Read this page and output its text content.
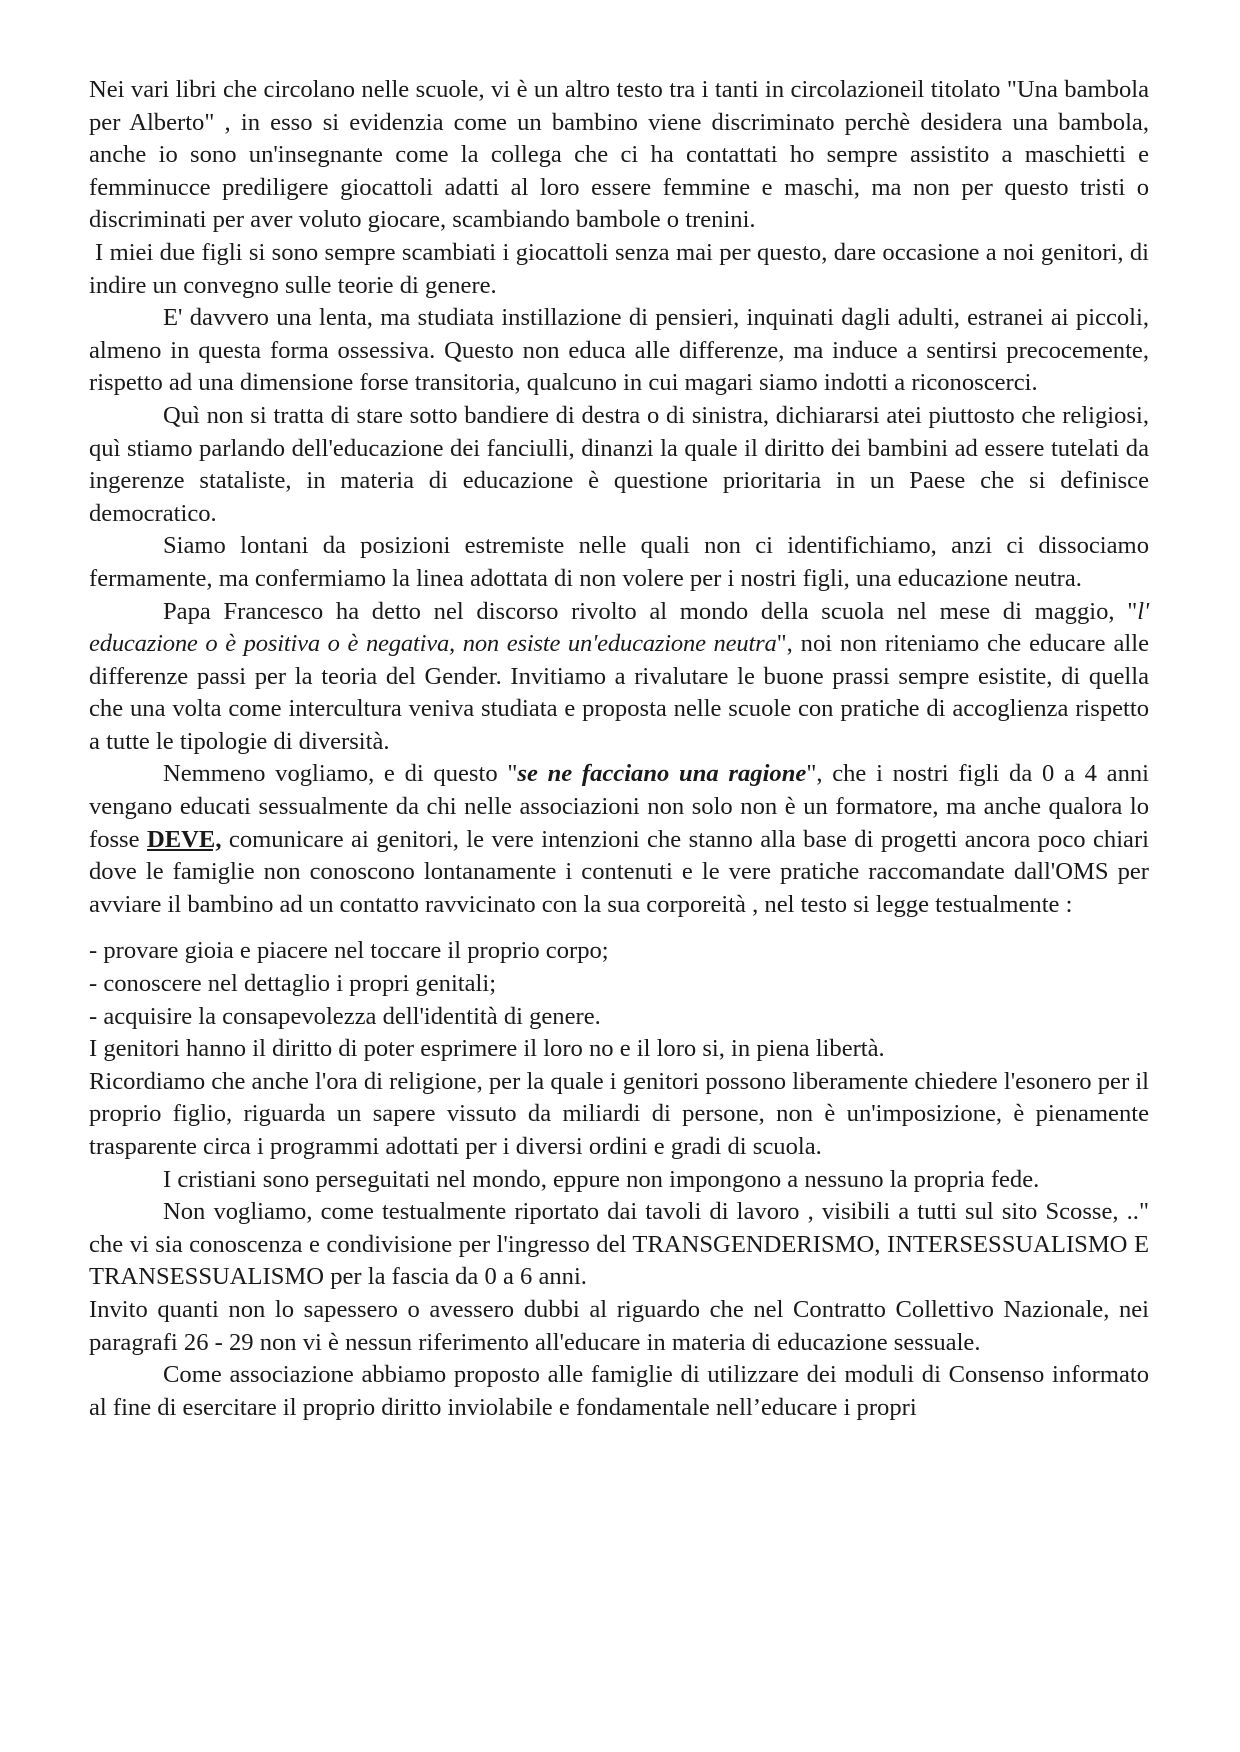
Nei vari libri che circolano nelle scuole, vi è un altro testo tra i tanti in circolazioneil titolato "Una bambola per Alberto" , in esso si evidenzia come un bambino viene discriminato perchè desidera una bambola, anche io sono un'insegnante come la collega che ci ha contattati ho sempre assistito a maschietti e femminucce prediligere giocattoli adatti al loro essere femmine e maschi, ma non per questo tristi o discriminati per aver voluto giocare, scambiando bambole o trenini.

I miei due figli si sono sempre scambiati i giocattoli senza mai per questo, dare occasione a noi genitori, di indire un convegno sulle teorie di genere.

E' davvero una lenta, ma studiata instillazione di pensieri, inquinati dagli adulti, estranei ai piccoli, almeno in questa forma ossessiva. Questo non educa alle differenze, ma induce a sentirsi precocemente, rispetto ad una dimensione forse transitoria, qualcuno in cui magari siamo indotti a riconoscerci.

Quì non si tratta di stare sotto bandiere di destra o di sinistra, dichiararsi atei piuttosto che religiosi, quì stiamo parlando dell'educazione dei fanciulli, dinanzi la quale il diritto dei bambini ad essere tutelati da ingerenze stataliste, in materia di educazione è questione prioritaria in un Paese che si definisce democratico.

Siamo lontani da posizioni estremiste nelle quali non ci identifichiamo, anzi ci dissociamo fermamente, ma confermiamo la linea adottata di non volere per i nostri figli, una educazione neutra.

Papa Francesco ha detto nel discorso rivolto al mondo della scuola nel mese di maggio, "l' educazione o è positiva o è negativa, non esiste un'educazione neutra", noi non riteniamo che educare alle differenze passi per la teoria del Gender. Invitiamo a rivalutare le buone prassi sempre esistite, di quella che una volta come intercultura veniva studiata e proposta nelle scuole con pratiche di accoglienza rispetto a tutte le tipologie di diversità.

Nemmeno vogliamo, e di questo "se ne facciano una ragione", che i nostri figli da 0 a 4 anni vengano educati sessualmente da chi nelle associazioni non solo non è un formatore, ma anche qualora lo fosse DEVE, comunicare ai genitori, le vere intenzioni che stanno alla base di progetti ancora poco chiari dove le famiglie non conoscono lontanamente i contenuti e le vere pratiche raccomandate dall'OMS per avviare il bambino ad un contatto ravvicinato con la sua corporeità , nel testo si legge testualmente :

- provare gioia e piacere nel toccare il proprio corpo;

- conoscere nel dettaglio i propri genitali;

- acquisire la consapevolezza dell'identità di genere.

I genitori hanno il diritto di poter esprimere il loro no e il loro si, in piena libertà.

Ricordiamo che anche l'ora di religione, per la quale i genitori possono liberamente chiedere l'esonero per il proprio figlio, riguarda un sapere vissuto da miliardi di persone, non è un'imposizione, è pienamente trasparente circa i programmi adottati per i diversi ordini e gradi di scuola.

I cristiani sono perseguitati nel mondo, eppure non impongono a nessuno la propria fede.

Non vogliamo, come testualmente riportato dai tavoli di lavoro , visibili a tutti sul sito Scosse, .." che vi sia conoscenza e condivisione per l'ingresso del TRANSGENDERISMO, INTERSESSUALISMO E TRANSESSUALISMO per la fascia da 0 a 6 anni.

Invito quanti non lo sapessero o avessero dubbi al riguardo che nel Contratto Collettivo Nazionale, nei paragrafi 26 - 29 non vi è nessun riferimento all'educare in materia di educazione sessuale.

Come associazione abbiamo proposto alle famiglie di utilizzare dei moduli di Consenso informato al fine di esercitare il proprio diritto inviolabile e fondamentale nell’educare i propri
